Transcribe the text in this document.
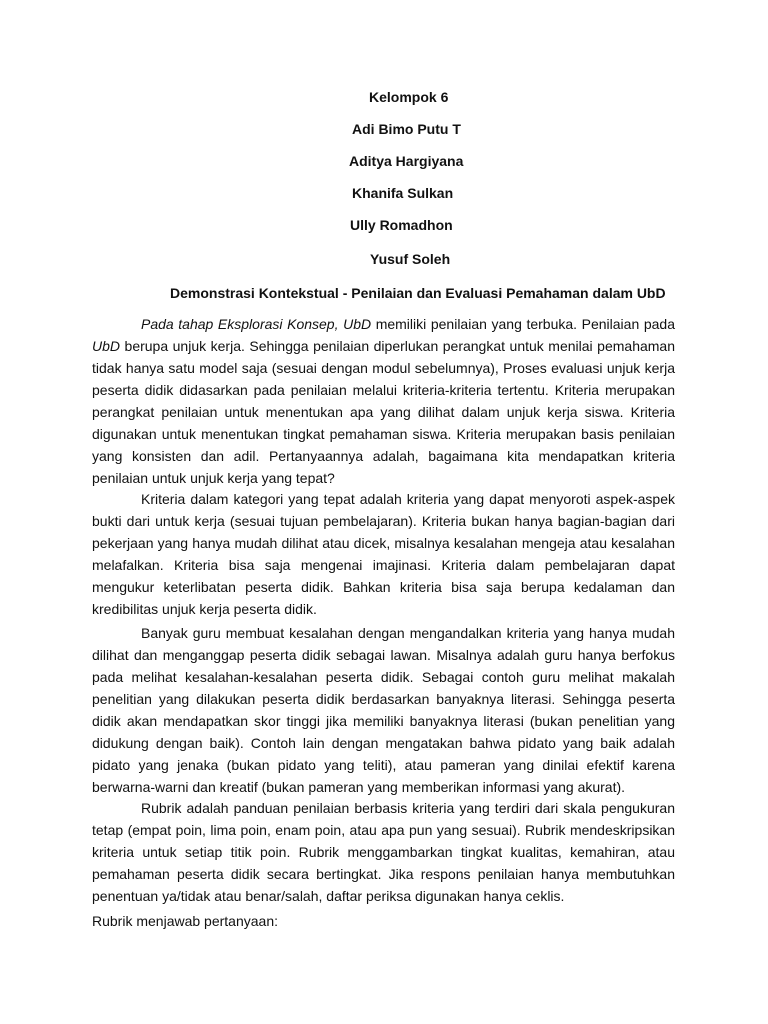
Kelompok 6
Adi Bimo Putu T
Aditya Hargiyana
Khanifa Sulkan
Ully Romadhon
Yusuf Soleh
Demonstrasi Kontekstual - Penilaian dan Evaluasi Pemahaman dalam UbD

Pada tahap Eksplorasi Konsep, UbD memiliki penilaian yang terbuka. Penilaian pada UbD berupa unjuk kerja. Sehingga penilaian diperlukan perangkat untuk menilai pemahaman tidak hanya satu model saja (sesuai dengan modul sebelumnya), Proses evaluasi unjuk kerja peserta didik didasarkan pada penilaian melalui kriteria-kriteria tertentu. Kriteria merupakan perangkat penilaian untuk menentukan apa yang dilihat dalam unjuk kerja siswa. Kriteria digunakan untuk menentukan tingkat pemahaman siswa. Kriteria merupakan basis penilaian yang konsisten dan adil. Pertanyaannya adalah, bagaimana kita mendapatkan kriteria penilaian untuk unjuk kerja yang tepat?

Kriteria dalam kategori yang tepat adalah kriteria yang dapat menyoroti aspek-aspek bukti dari untuk kerja (sesuai tujuan pembelajaran). Kriteria bukan hanya bagian-bagian dari pekerjaan yang hanya mudah dilihat atau dicek, misalnya kesalahan mengeja atau kesalahan melafalkan. Kriteria bisa saja mengenai imajinasi. Kriteria dalam pembelajaran dapat mengukur keterlibatan peserta didik. Bahkan kriteria bisa saja berupa kedalaman dan kredibilitas unjuk kerja peserta didik.

Banyak guru membuat kesalahan dengan mengandalkan kriteria yang hanya mudah dilihat dan menganggap peserta didik sebagai lawan. Misalnya adalah guru hanya berfokus pada melihat kesalahan-kesalahan peserta didik. Sebagai contoh guru melihat makalah penelitian yang dilakukan peserta didik berdasarkan banyaknya literasi. Sehingga peserta didik akan mendapatkan skor tinggi jika memiliki banyaknya literasi (bukan penelitian yang didukung dengan baik). Contoh lain dengan mengatakan bahwa pidato yang baik adalah pidato yang jenaka (bukan pidato yang teliti), atau pameran yang dinilai efektif karena berwarna-warni dan kreatif (bukan pameran yang memberikan informasi yang akurat).

Rubrik adalah panduan penilaian berbasis kriteria yang terdiri dari skala pengukuran tetap (empat poin, lima poin, enam poin, atau apa pun yang sesuai). Rubrik mendeskripsikan kriteria untuk setiap titik poin. Rubrik menggambarkan tingkat kualitas, kemahiran, atau pemahaman peserta didik secara bertingkat. Jika respons penilaian hanya membutuhkan penentuan ya/tidak atau benar/salah, daftar periksa digunakan hanya ceklis.

Rubrik menjawab pertanyaan:
